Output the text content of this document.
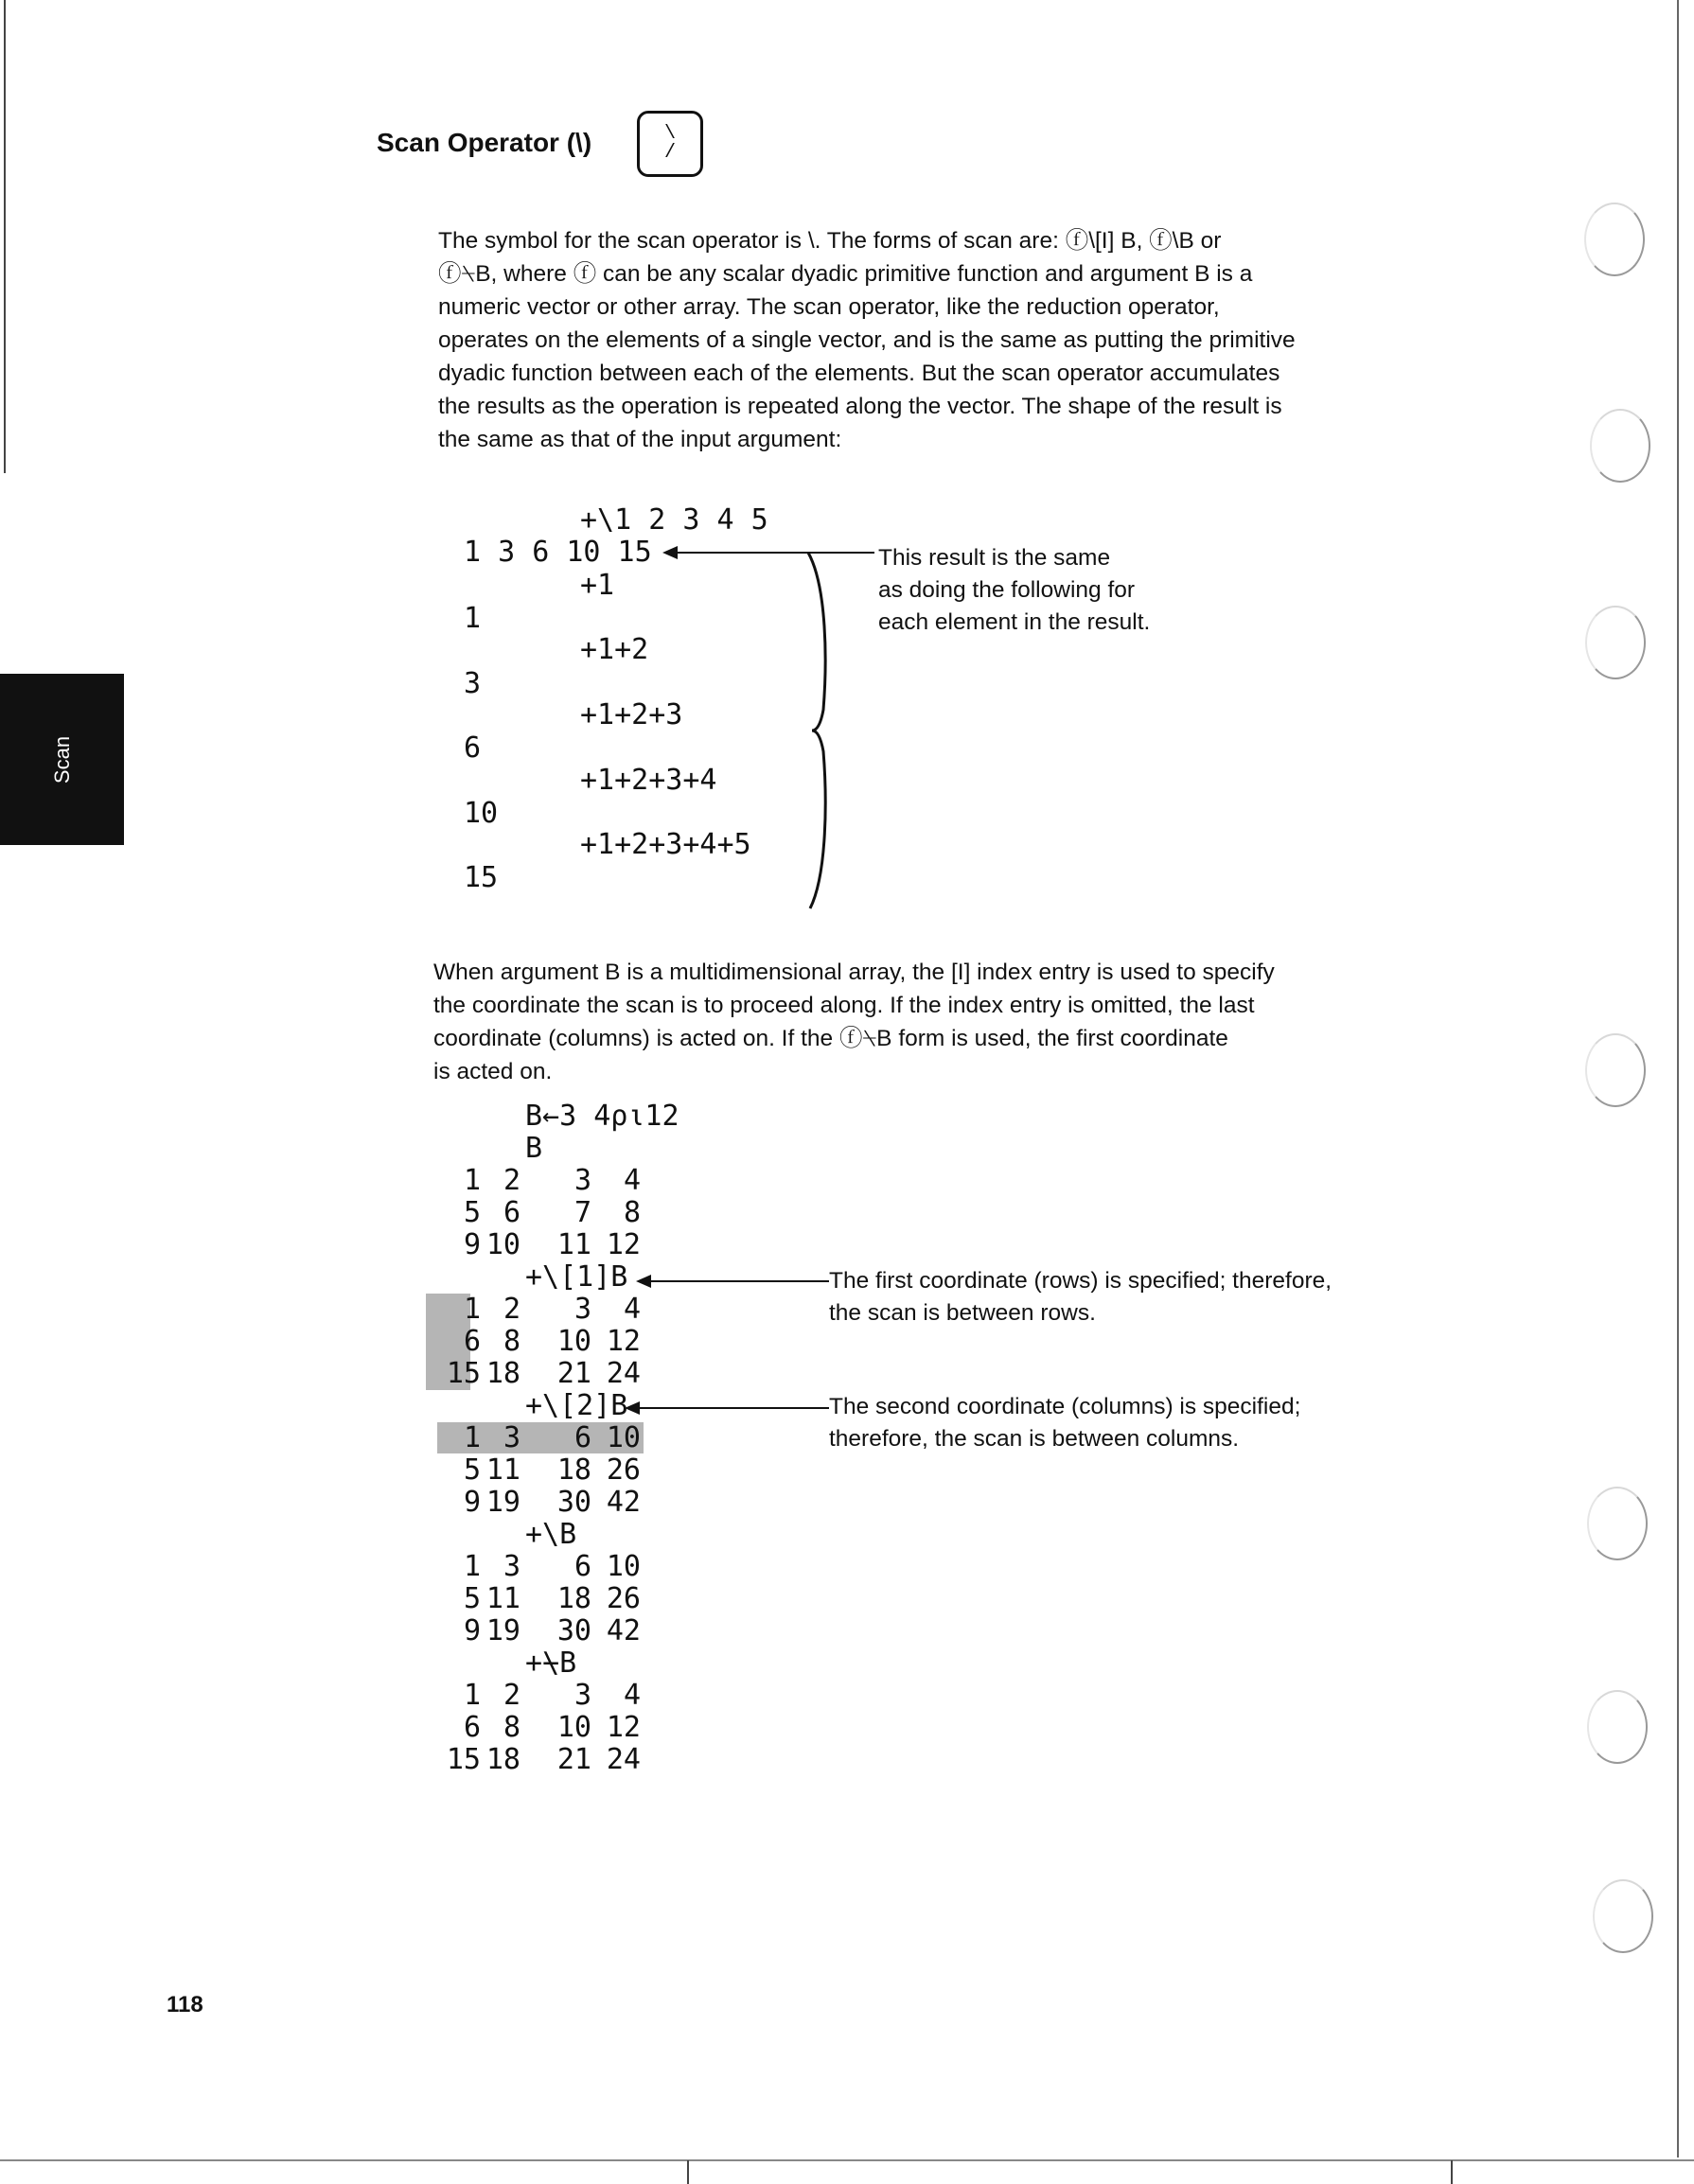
Scan Operator (\)	\
/

The symbol for the scan operator is \. The forms of scan are: ⓕ\[I] B, ⓕ\B or

ⓕ⍀B, where ⓕ can be any scalar dyadic primitive function and argument B is a

numeric vector or other array. The scan operator, like the reduction operator,

operates on the elements of a single vector, and is the same as putting the primitive

dyadic function between each of the elements. But the scan operator accumulates

the results as the operation is repeated along the vector. The shape of the result is

the same as that of the input argument:

+\1 2 3 4 5
1 3 6 10 15	This result is the same

as doing the following for

each element in the result.

+1
1
+1+2
3
+1+2+3
6
+1+2+3+4
10
+1+2+3+4+5
15

When argument B is a multidimensional array, the [I] index entry is used to specify

the coordinate the scan is to proceed along. If the index entry is omitted, the last

coordinate (columns) is acted on. If the ⓕ⍀B form is used, the first coordinate

is acted on.

B←3 4⍴⍳12
B
1 2	3	4
5 6	7	8
9 10	11 12
+\[1]B	The first coordinate (rows) is specified; therefore,

the scan is between rows.

1 2	3	4
6 8	10 12
15 18	21 24
+\[2]B	The second coordinate (columns) is specified;

therefore, the scan is between columns.

1 3	6 10
5 11	18 26
9 19	30 42
+\B
1 3	6 10
5 11	18 26
9 19	30 42
+⍀B
1 2	3	4
6 8	10 12
15 18	21 24
Scan
118
